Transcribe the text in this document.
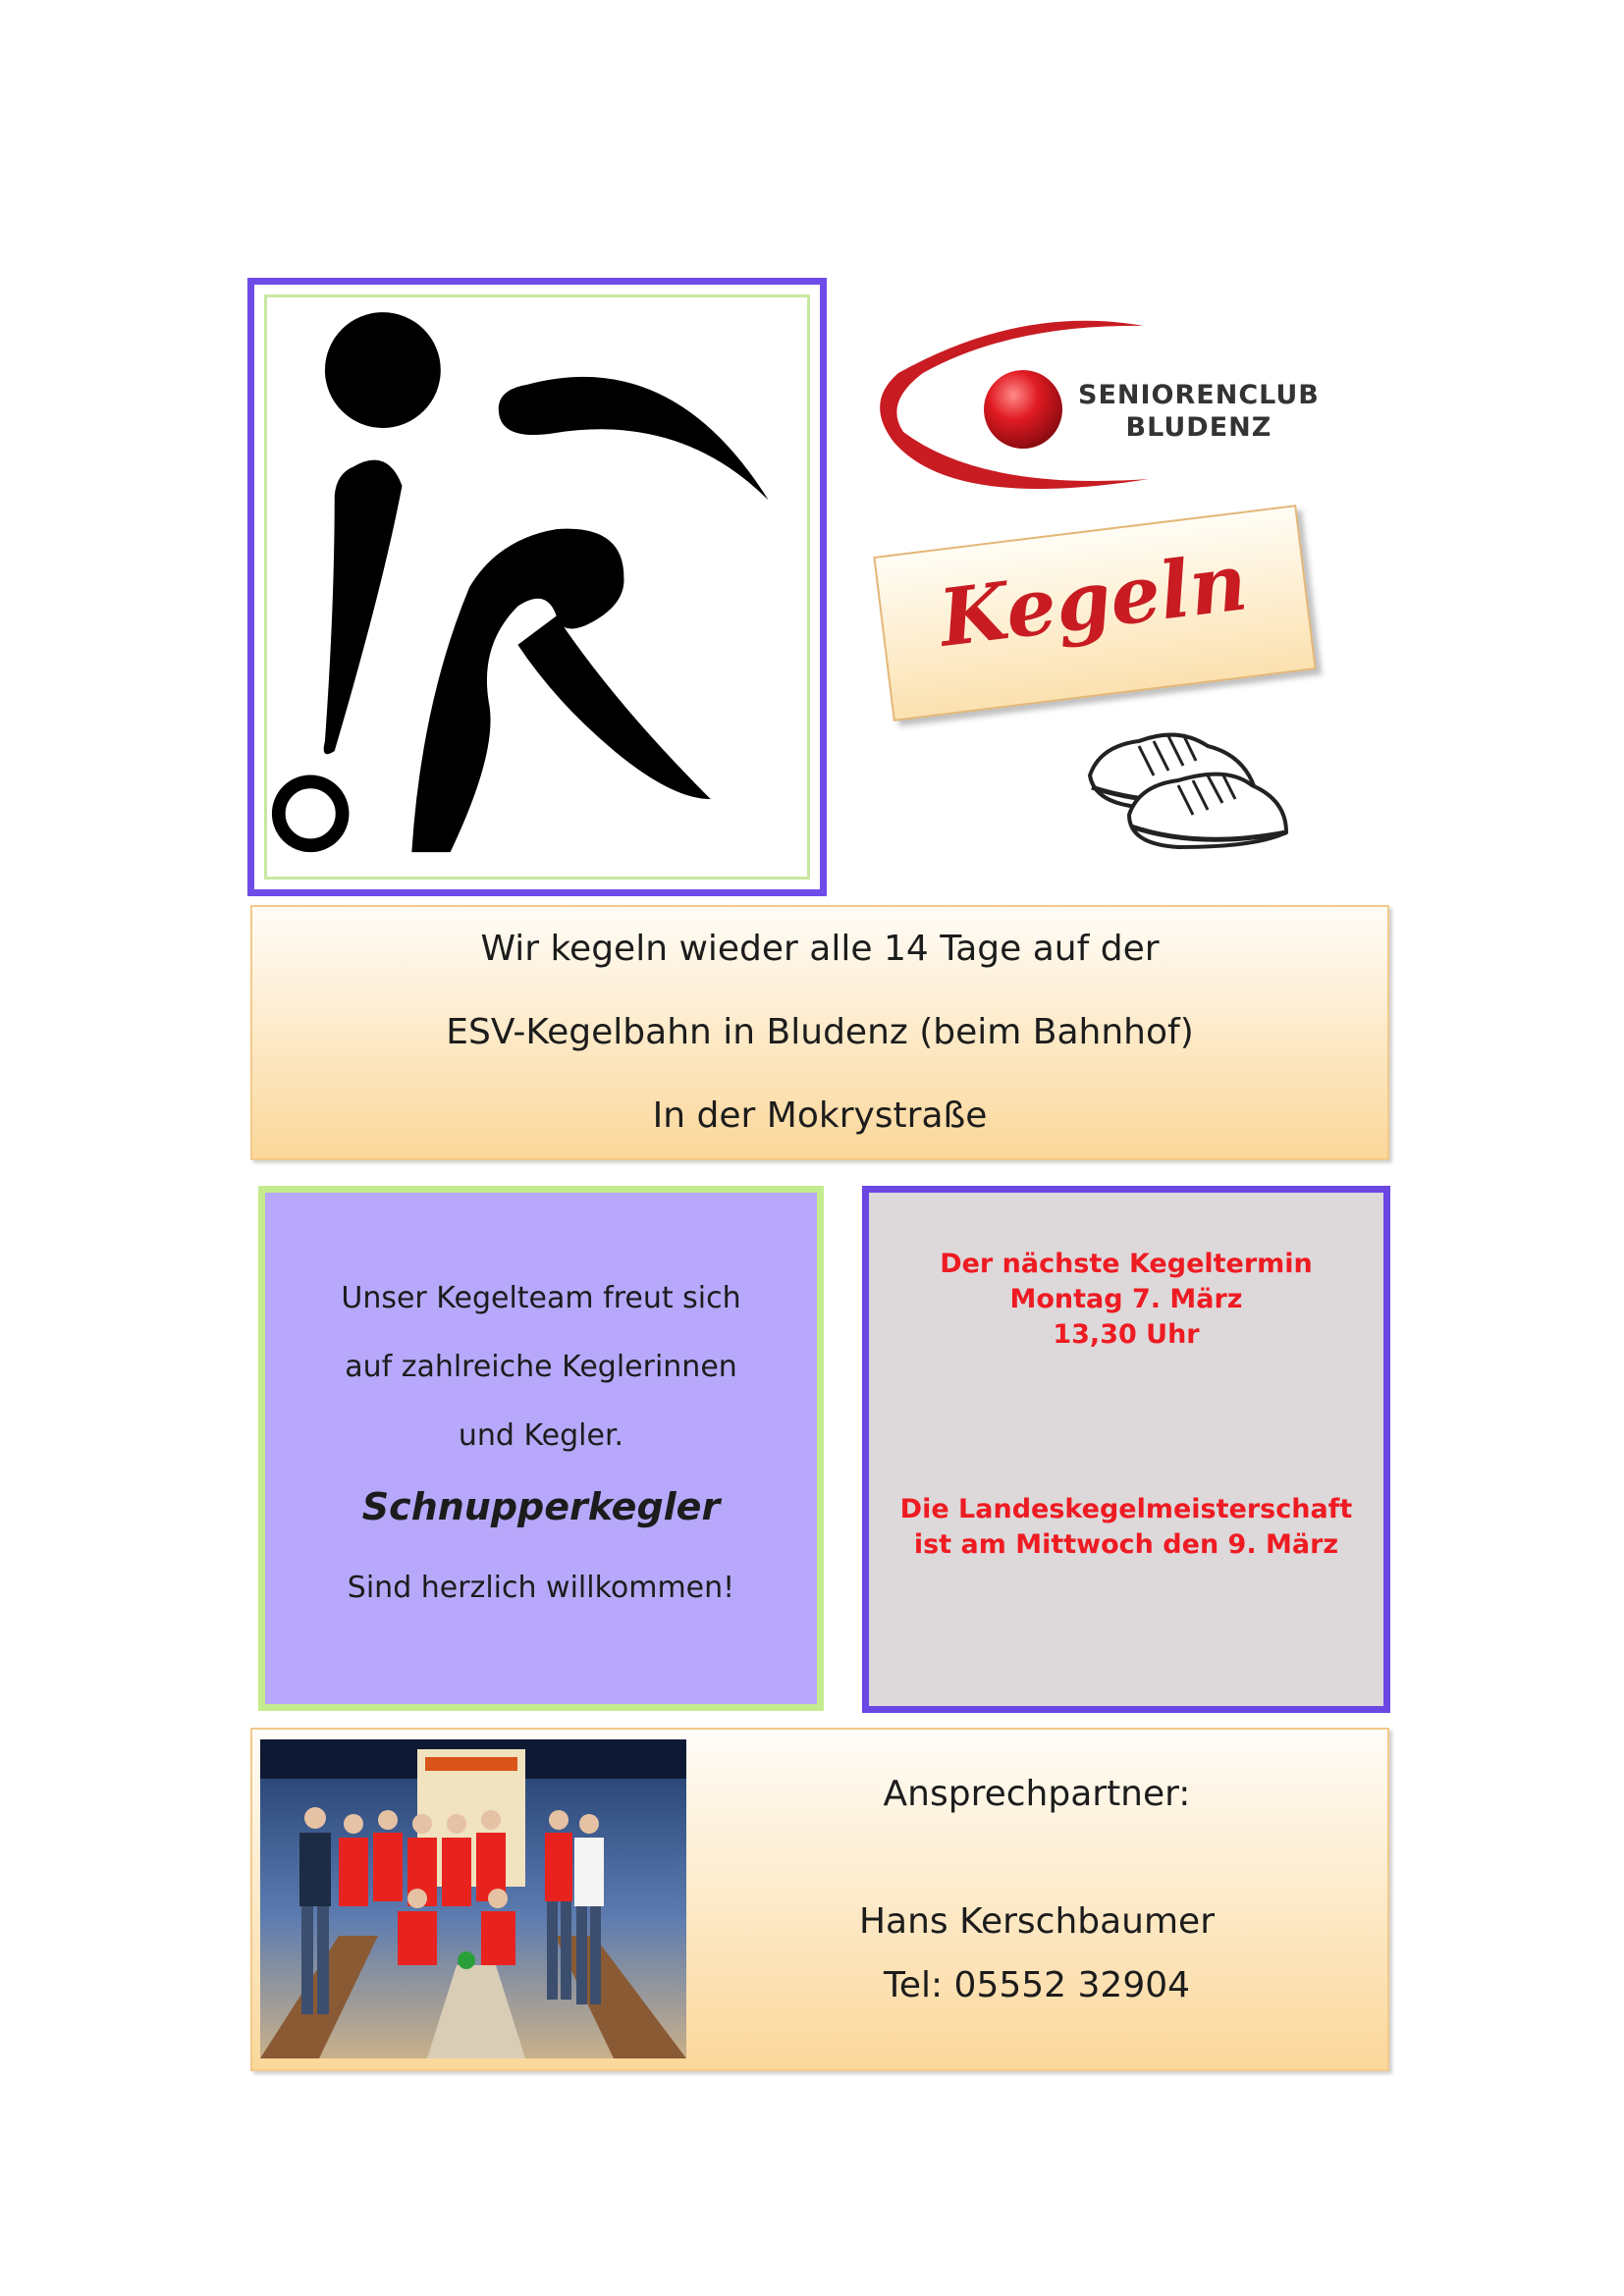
SENIORENCLUB
BLUDENZ
Kegeln
Wir kegeln wieder alle 14 Tage auf der
ESV-Kegelbahn in Bludenz (beim Bahnhof)
In der Mokrystraße
Unser Kegelteam freut sich
auf zahlreiche Keglerinnen
und Kegler.
Schnupperkegler
Sind herzlich willkommen!
Der nächste Kegeltermin
Montag 7. März
13,30 Uhr
Die Landeskegelmeisterschaft
ist am Mittwoch den 9. März
Ansprechpartner:
Hans Kerschbaumer
Tel: 05552 32904
